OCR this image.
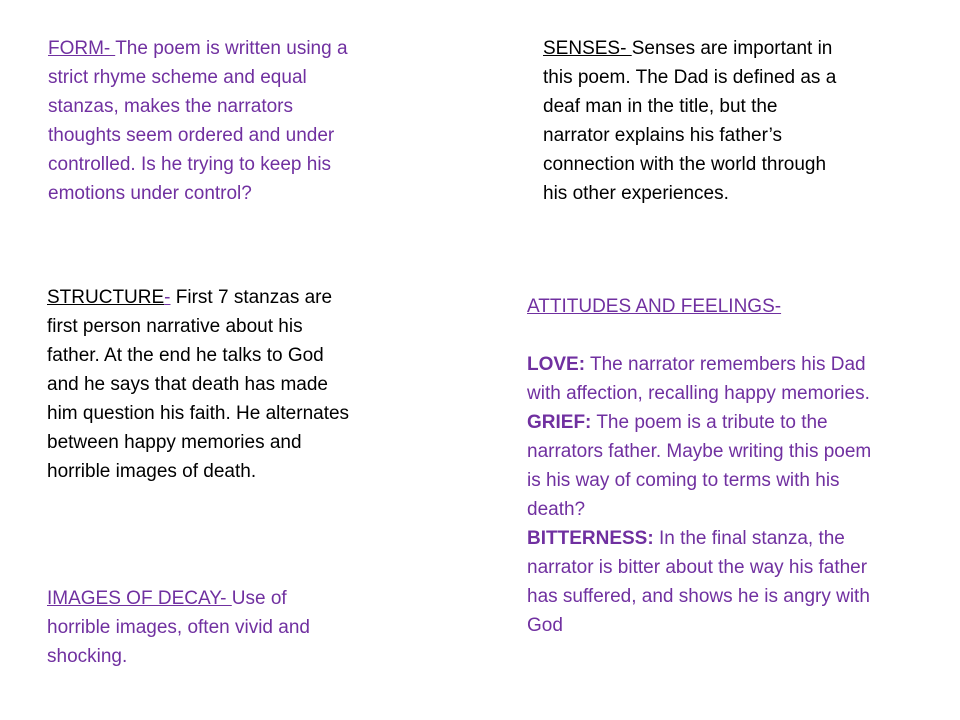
FORM- The poem is written using a strict rhyme scheme and equal stanzas, makes the narrators thoughts seem ordered and under controlled. Is he trying to keep his emotions under control?
SENSES- Senses are important in this poem. The Dad is defined as a deaf man in the title, but the narrator explains his father’s connection with the world through his other experiences.
STRUCTURE- First 7 stanzas are first person narrative about his father. At the end he talks to God and he says that death has made him question his faith. He alternates between happy memories and horrible images of death.

ATTITUDES AND FEELINGS-

LOVE: The narrator remembers his Dad with affection, recalling happy memories.

GRIEF: The poem is a tribute to the narrators father. Maybe writing this poem is his way of coming to terms with his death?

BITTERNESS: In the final stanza, the narrator is bitter about the way his father has suffered, and shows he is angry with God

IMAGES OF DECAY- Use of horrible images, often vivid and shocking.
